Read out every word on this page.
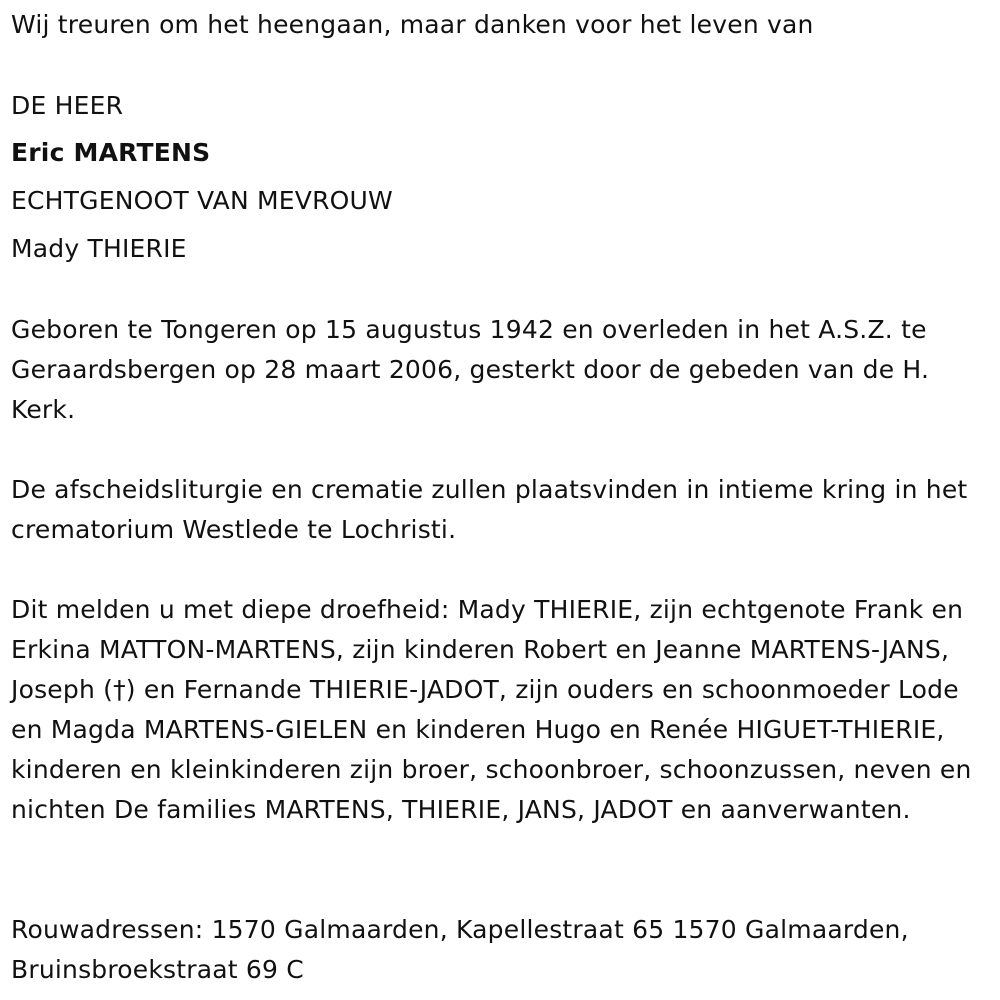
Wij treuren om het heengaan, maar danken voor het leven van
DE HEER
Eric MARTENS
ECHTGENOOT VAN MEVROUW
Mady THIERIE

Geboren te Tongeren op 15 augustus 1942 en overleden in het A.S.Z. te Geraardsbergen op 28 maart 2006, gesterkt door de gebeden van de H. Kerk.

De afscheidsliturgie en crematie zullen plaatsvinden in intieme kring in het crematorium Westlede te Lochristi.

Dit melden u met diepe droefheid: Mady THIERIE, zijn echtgenote Frank en Erkina MATTON-MARTENS, zijn kinderen Robert en Jeanne MARTENS-JANS, Joseph (†) en Fernande THIERIE-JADOT, zijn ouders en schoonmoeder Lode en Magda MARTENS-GIELEN en kinderen Hugo en Renée HIGUET-THIERIE, kinderen en kleinkinderen zijn broer, schoonbroer, schoonzussen, neven en nichten De families MARTENS, THIERIE, JANS, JADOT en aanverwanten.

Rouwadressen: 1570 Galmaarden, Kapellestraat 65 1570 Galmaarden, Bruinsbroekstraat 69 C
